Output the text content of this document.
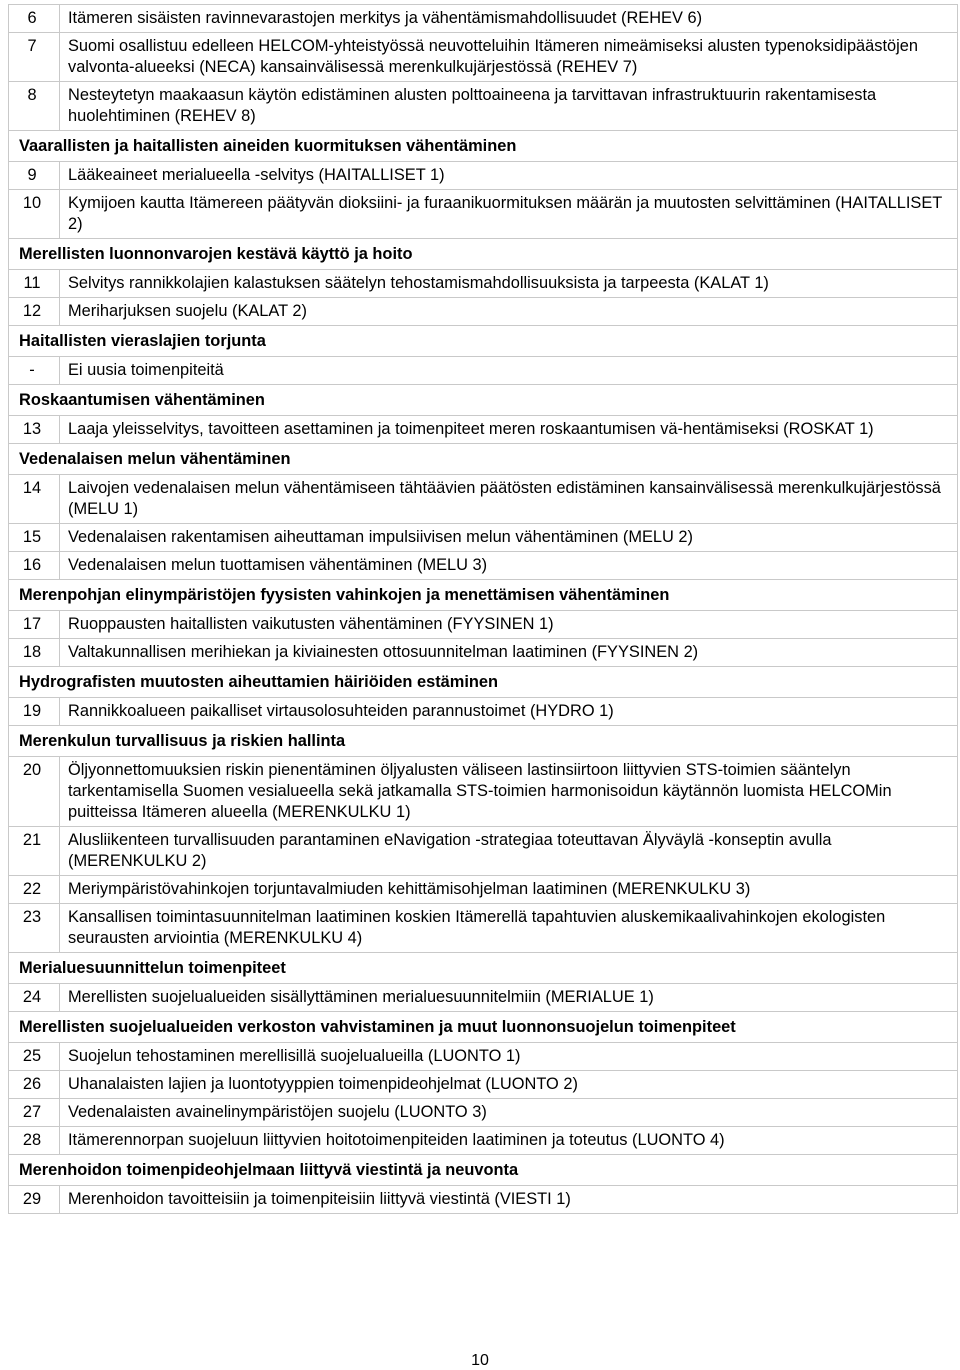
6	Itämeren sisäisten ravinnevarastojen merkitys ja vähentämismahdollisuudet (REHEV 6)
7	Suomi osallistuu edelleen HELCOM-yhteistyössä neuvotteluihin Itämeren nimeämiseksi alusten typenoksidipäästöjen valvonta-alueeksi (NECA) kansainvälisessä merenkulkujärjestössä (REHEV 7)
8	Nesteytetyn maakaasun käytön edistäminen alusten polttoaineena ja tarvittavan infrastruktuurin rakentamisesta huolehtiminen (REHEV 8)
Vaarallisten ja haitallisten aineiden kuormituksen vähentäminen	
9	Lääkeaineet merialueella -selvitys (HAITALLISET 1)
10	Kymijoen kautta Itämereen päätyvän dioksiini- ja furaanikuormituksen määrän ja muutosten selvittäminen (HAITALLISET 2)
Merellisten luonnonvarojen kestävä käyttö ja hoito	
11	Selvitys rannikkolajien kalastuksen säätelyn tehostamismahdollisuuksista ja tarpeesta (KALAT 1)
12	Meriharjuksen suojelu (KALAT 2)
Haitallisten vieraslajien torjunta	
-	Ei uusia toimenpiteitä
Roskaantumisen vähentäminen	
13	Laaja yleisselvitys, tavoitteen asettaminen ja toimenpiteet meren roskaantumisen vä-hentämiseksi (ROSKAT 1)
Vedenalaisen melun vähentäminen	
14	Laivojen vedenalaisen melun vähentämiseen tähtäävien päätösten edistäminen kansainvälisessä merenkulkujärjestössä (MELU 1)
15	Vedenalaisen rakentamisen aiheuttaman impulsiivisen melun vähentäminen (MELU 2)
16	Vedenalaisen melun tuottamisen vähentäminen (MELU 3)
Merenpohjan elinympäristöjen fyysisten vahinkojen ja menettämisen vähentäminen	
17	Ruoppausten haitallisten vaikutusten vähentäminen (FYYSINEN 1)
18	Valtakunnallisen merihiekan ja kiviainesten ottosuunnitelman laatiminen (FYYSINEN 2)
Hydrografisten muutosten aiheuttamien häiriöiden estäminen	
19	Rannikkoalueen paikalliset virtausolosuhteiden parannustoimet (HYDRO 1)
Merenkulun turvallisuus ja riskien hallinta	
20	Öljyonnettomuuksien riskin pienentäminen öljyalusten väliseen lastinsiirtoon liittyvien STS-toimien sääntelyn tarkentamisella Suomen vesialueella sekä jatkamalla STS-toimien harmonisoidun käytännön luomista HELCOMin puitteissa Itämeren alueella (MERENKULKU 1)
21	Alusliikenteen turvallisuuden parantaminen eNavigation -strategiaa toteuttavan Älyväylä -konseptin avulla (MERENKULKU 2)
22	Meriympäristövahinkojen torjuntavalmiuden kehittämisohjelman laatiminen (MERENKULKU 3)
23	Kansallisen toimintasuunnitelman laatiminen koskien Itämerellä tapahtuvien aluskemikaalivahinkojen ekologisten seurausten arviointia (MERENKULKU 4)
Merialuesuunnittelun toimenpiteet	
24	Merellisten suojelualueiden sisällyttäminen merialuesuunnitelmiin (MERIALUE 1)
Merellisten suojelualueiden verkoston vahvistaminen ja muut luonnonsuojelun toimenpiteet	
25	Suojelun tehostaminen merellisillä suojelualueilla (LUONTO 1)
26	Uhanalaisten lajien ja luontotyyppien toimenpideohjelmat (LUONTO 2)
27	Vedenalaisten avainelinympäristöjen suojelu (LUONTO 3)
28	Itämerennorpan suojeluun liittyvien hoitotoimenpiteiden laatiminen ja toteutus (LUONTO 4)
Merenhoidon toimenpideohjelmaan liittyvä viestintä ja neuvonta	
29	Merenhoidon tavoitteisiin ja toimenpiteisiin liittyvä viestintä (VIESTI 1)
10
